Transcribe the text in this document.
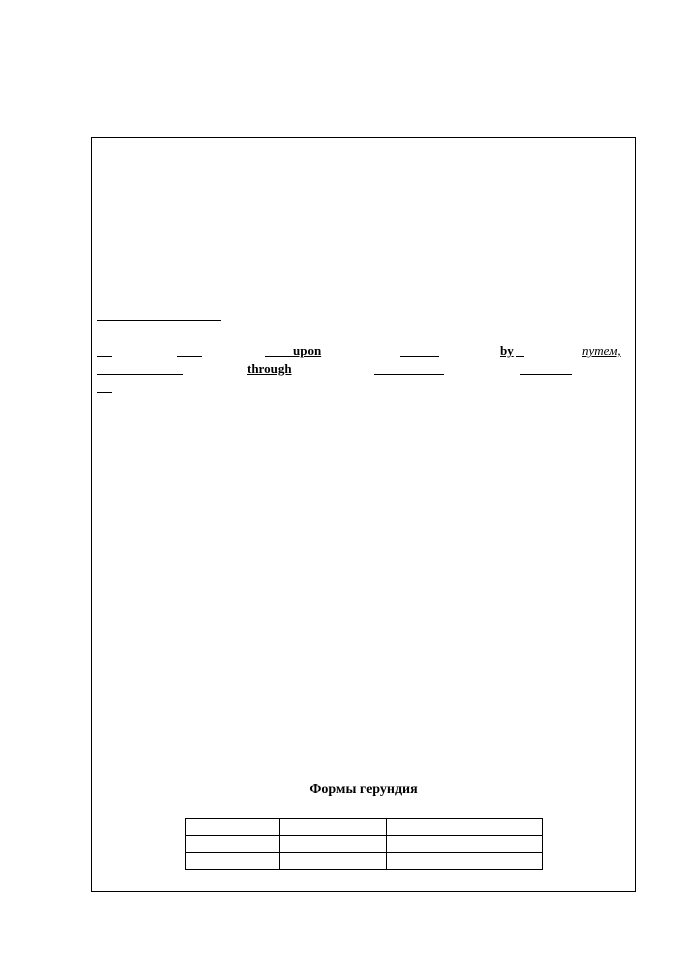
upon	by	путем,
through
Формы герундия
